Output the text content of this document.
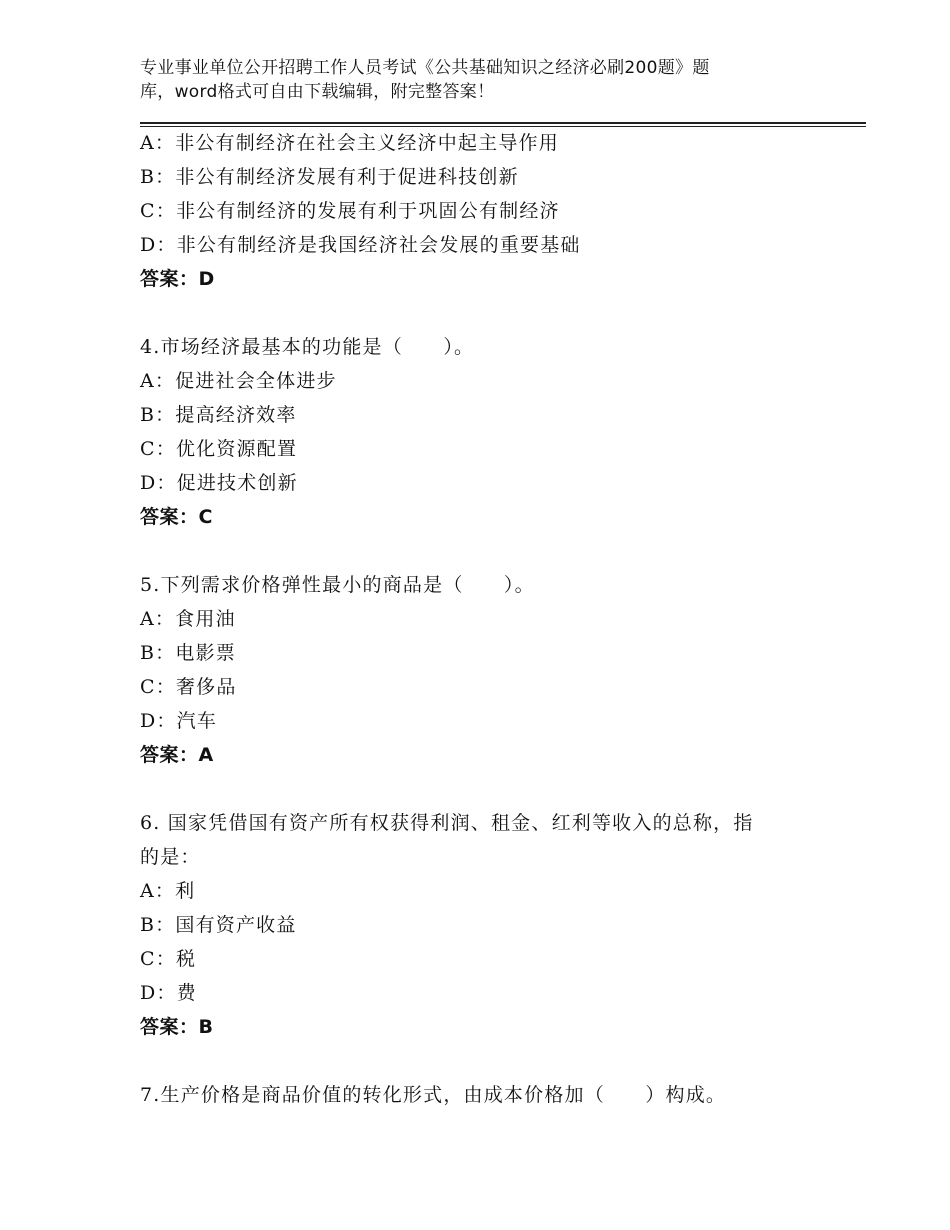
专业事业单位公开招聘工作人员考试《公共基础知识之经济必刷200题》题
库，word格式可自由下载编辑，附完整答案！
A：非公有制经济在社会主义经济中起主导作用
B：非公有制经济发展有利于促进科技创新
C：非公有制经济的发展有利于巩固公有制经济
D：非公有制经济是我国经济社会发展的重要基础
答案：D
4.市场经济最基本的功能是（　　）。
A：促进社会全体进步
B：提高经济效率
C：优化资源配置
D：促进技术创新
答案：C
5.下列需求价格弹性最小的商品是（　　）。
A：食用油
B：电影票
C：奢侈品
D：汽车
答案：A
6. 国家凭借国有资产所有权获得利润、租金、红利等收入的总称，指
的是：
A：利
B：国有资产收益
C：税
D：费
答案：B
7.生产价格是商品价值的转化形式，由成本价格加（　　）构成。
